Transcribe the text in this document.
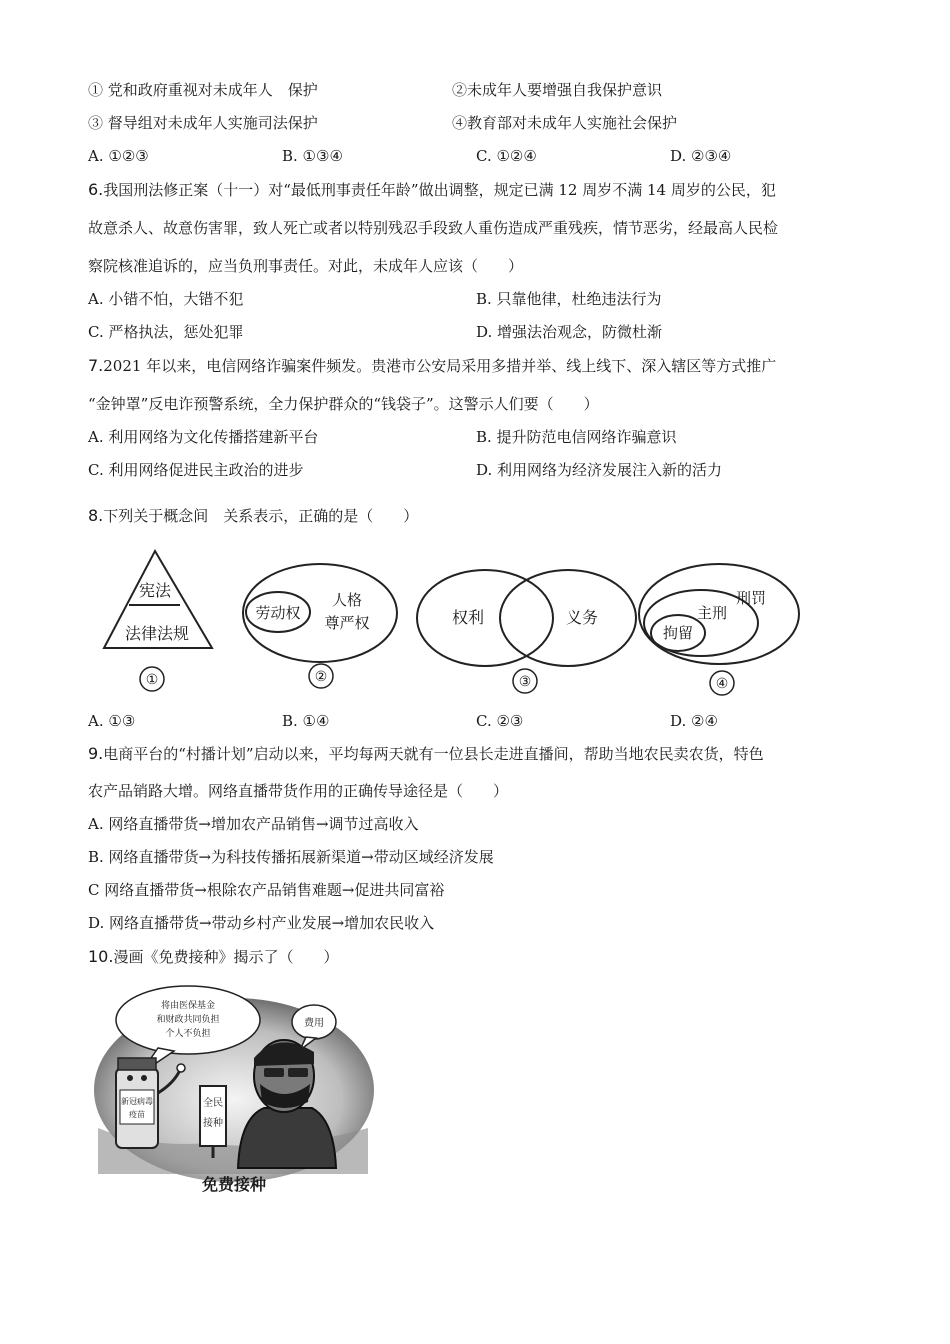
① 党和政府重视对未成年人　保护	②未成年人要增强自我保护意识
③ 督导组对未成年人实施司法保护	④教育部对未成年人实施社会保护
A. ①②③	B. ①③④	C. ①②④	D. ②③④
6.我国刑法修正案（十一）对“最低刑事责任年龄”做出调整，规定已满 12 周岁不满 14 周岁的公民，犯
故意杀人、故意伤害罪，致人死亡或者以特别残忍手段致人重伤造成严重残疾，情节恶劣，经最高人民检
察院核准追诉的，应当负刑事责任。对此，未成年人应该（　　）
A. 小错不怕，大错不犯	B. 只靠他律，杜绝违法行为
C. 严格执法，惩处犯罪	D. 增强法治观念，防微杜渐
7.2021 年以来，电信网络诈骗案件频发。贵港市公安局采用多措并举、线上线下、深入辖区等方式推广
“金钟罩”反电诈预警系统，全力保护群众的“钱袋子”。这警示人们要（　　）
A. 利用网络为文化传播搭建新平台	B. 提升防范电信网络诈骗意识
C. 利用网络促进民主政治的进步	D. 利用网络为经济发展注入新的活力
8.下列关于概念间　关系表示，正确的是（　　）
宪法
法律法规
①
劳动权
人格
尊严权
②
权利	义务
③
刑罚
主刑
拘留
④
A. ①③	B. ①④	C. ②③	D. ②④
9.电商平台的“村播计划”启动以来，平均每两天就有一位县长走进直播间，帮助当地农民卖农货，特色
农产品销路大增。网络直播带货作用的正确传导途径是（　　）
A. 网络直播带货→增加农产品销售→调节过高收入
B. 网络直播带货→为科技传播拓展新渠道→带动区域经济发展
C 网络直播带货→根除农产品销售难题→促进共同富裕
D. 网络直播带货→带动乡村产业发展→增加农民收入
10.漫画《免费接种》揭示了（　　）
将由医保基金
和财政共同负担
个人不负担
费用
新冠病毒
疫苗
全民
接种
免费接种
